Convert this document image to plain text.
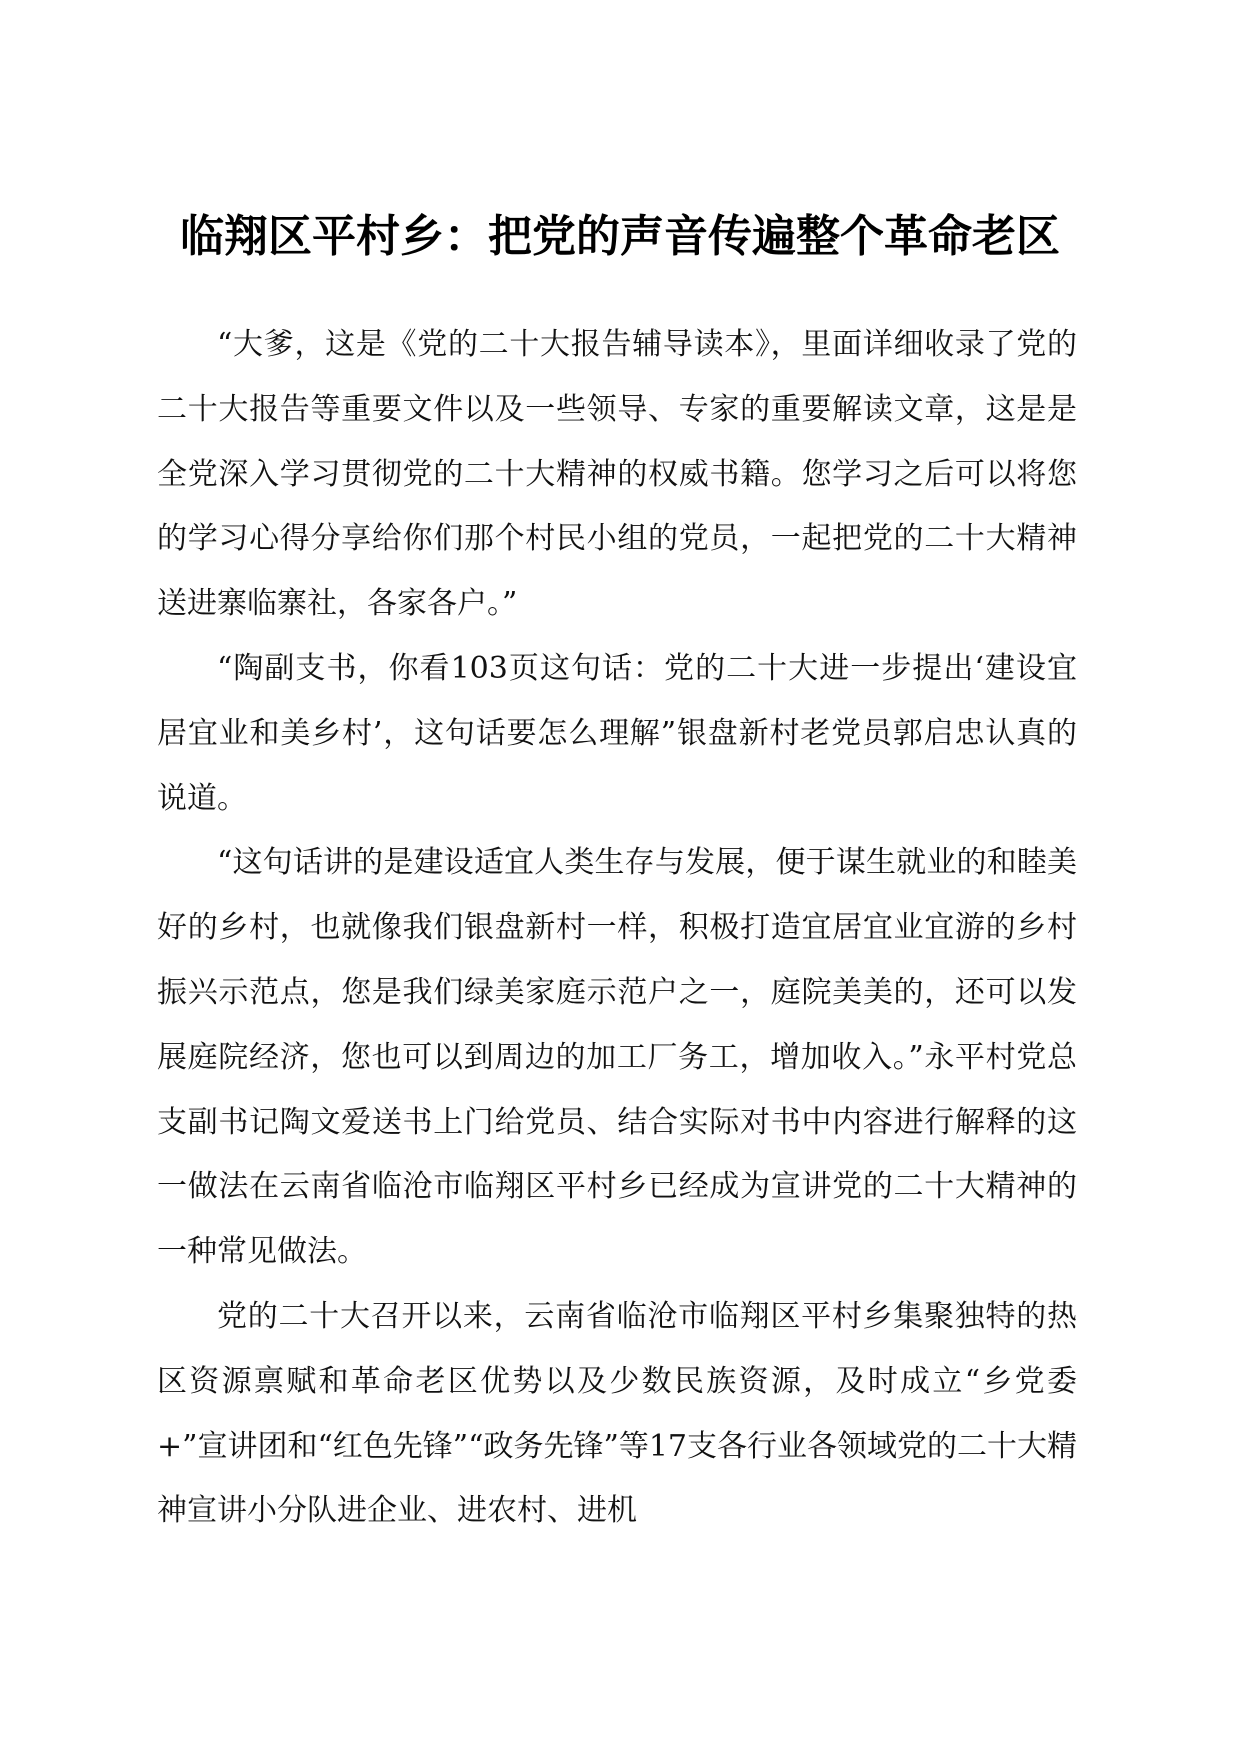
临翔区平村乡：把党的声音传遍整个革命老区

“大爹，这是《党的二十大报告辅导读本》，里面详细收录了党的二十大报告等重要文件以及一些领导、专家的重要解读文章，这是是全党深入学习贯彻党的二十大精神的权威书籍。您学习之后可以将您的学习心得分享给你们那个村民小组的党员，一起把党的二十大精神送进寨临寨社，各家各户。”

“陶副支书，你看103页这句话：党的二十大进一步提出‘建设宜居宜业和美乡村’，这句话要怎么理解”银盘新村老党员郭启忠认真的说道。

“这句话讲的是建设适宜人类生存与发展，便于谋生就业的和睦美好的乡村，也就像我们银盘新村一样，积极打造宜居宜业宜游的乡村振兴示范点，您是我们绿美家庭示范户之一，庭院美美的，还可以发展庭院经济，您也可以到周边的加工厂务工，增加收入。”永平村党总支副书记陶文爱送书上门给党员、结合实际对书中内容进行解释的这一做法在云南省临沧市临翔区平村乡已经成为宣讲党的二十大精神的一种常见做法。

党的二十大召开以来，云南省临沧市临翔区平村乡集聚独特的热区资源禀赋和革命老区优势以及少数民族资源，及时成立“乡党委+”宣讲团和“红色先锋”“政务先锋”等17支各行业各领域党的二十大精神宣讲小分队进企业、进农村、进机
